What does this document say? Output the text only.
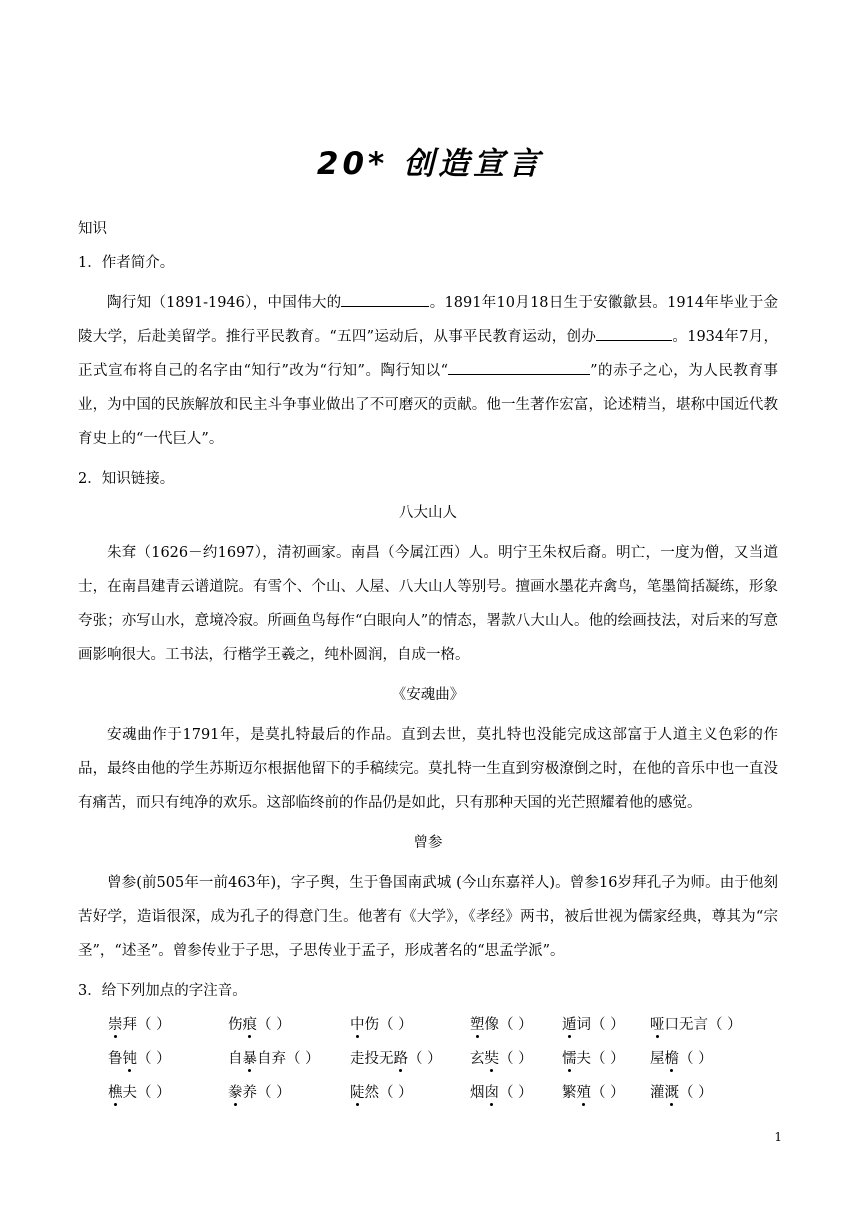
20* 创造宣言
知识
1．作者简介。

陶行知（1891-1946），中国伟大的	。1891年10月18日生于安徽歙县。1914年毕业于金陵大学，后赴美留学。推行平民教育。“五四”运动后，从事平民教育运动，创办	。1934年7月，正式宣布将自己的名字由“知行”改为“行知”。陶行知以“	”的赤子之心，为人民教育事业，为中国的民族解放和民主斗争事业做出了不可磨灭的贡献。他一生著作宏富，论述精当，堪称中国近代教育史上的“一代巨人”。

2．知识链接。
八大山人

朱耷（1626－约1697），清初画家。南昌（今属江西）人。明宁王朱权后裔。明亡，一度为僧，又当道士，在南昌建青云谱道院。有雪个、个山、人屋、八大山人等别号。擅画水墨花卉禽鸟，笔墨简括凝练，形象夸张；亦写山水，意境冷寂。所画鱼鸟每作“白眼向人”的情态，署款八大山人。他的绘画技法，对后来的写意画影响很大。工书法，行楷学王羲之，纯朴圆润，自成一格。

《安魂曲》

安魂曲作于1791年，是莫扎特最后的作品。直到去世，莫扎特也没能完成这部富于人道主义色彩的作品，最终由他的学生苏斯迈尔根据他留下的手稿续完。莫扎特一生直到穷极潦倒之时，在他的音乐中也一直没有痛苦，而只有纯净的欢乐。这部临终前的作品仍是如此，只有那种天国的光芒照耀着他的感觉。

曾参

曾参(前505年一前463年)，字子舆，生于鲁国南武城 (今山东嘉祥人)。曾参16岁拜孔子为师。由于他刻苦好学，造诣很深，成为孔子的得意门生。他著有《大学》，《孝经》两书，被后世视为儒家经典，尊其为“宗圣”，“述圣”。曾参传业于子思，子思传业于孟子，形成著名的“思孟学派”。

3．给下列加点的字注音。
崇拜（ ）	伤痕（ ）	中伤（ ）	塑像（ ）	遁词（ ）	哑口无言（ ）
鲁钝（ ）	自暴自弃（ ）	走投无路（ ）	玄奘（ ）	懦夫（ ）	屋檐（ ）
樵夫（ ）	豢养（ ）	陡然（ ）	烟囱（ ）	繁殖（ ）	灌溉（ ）
1
